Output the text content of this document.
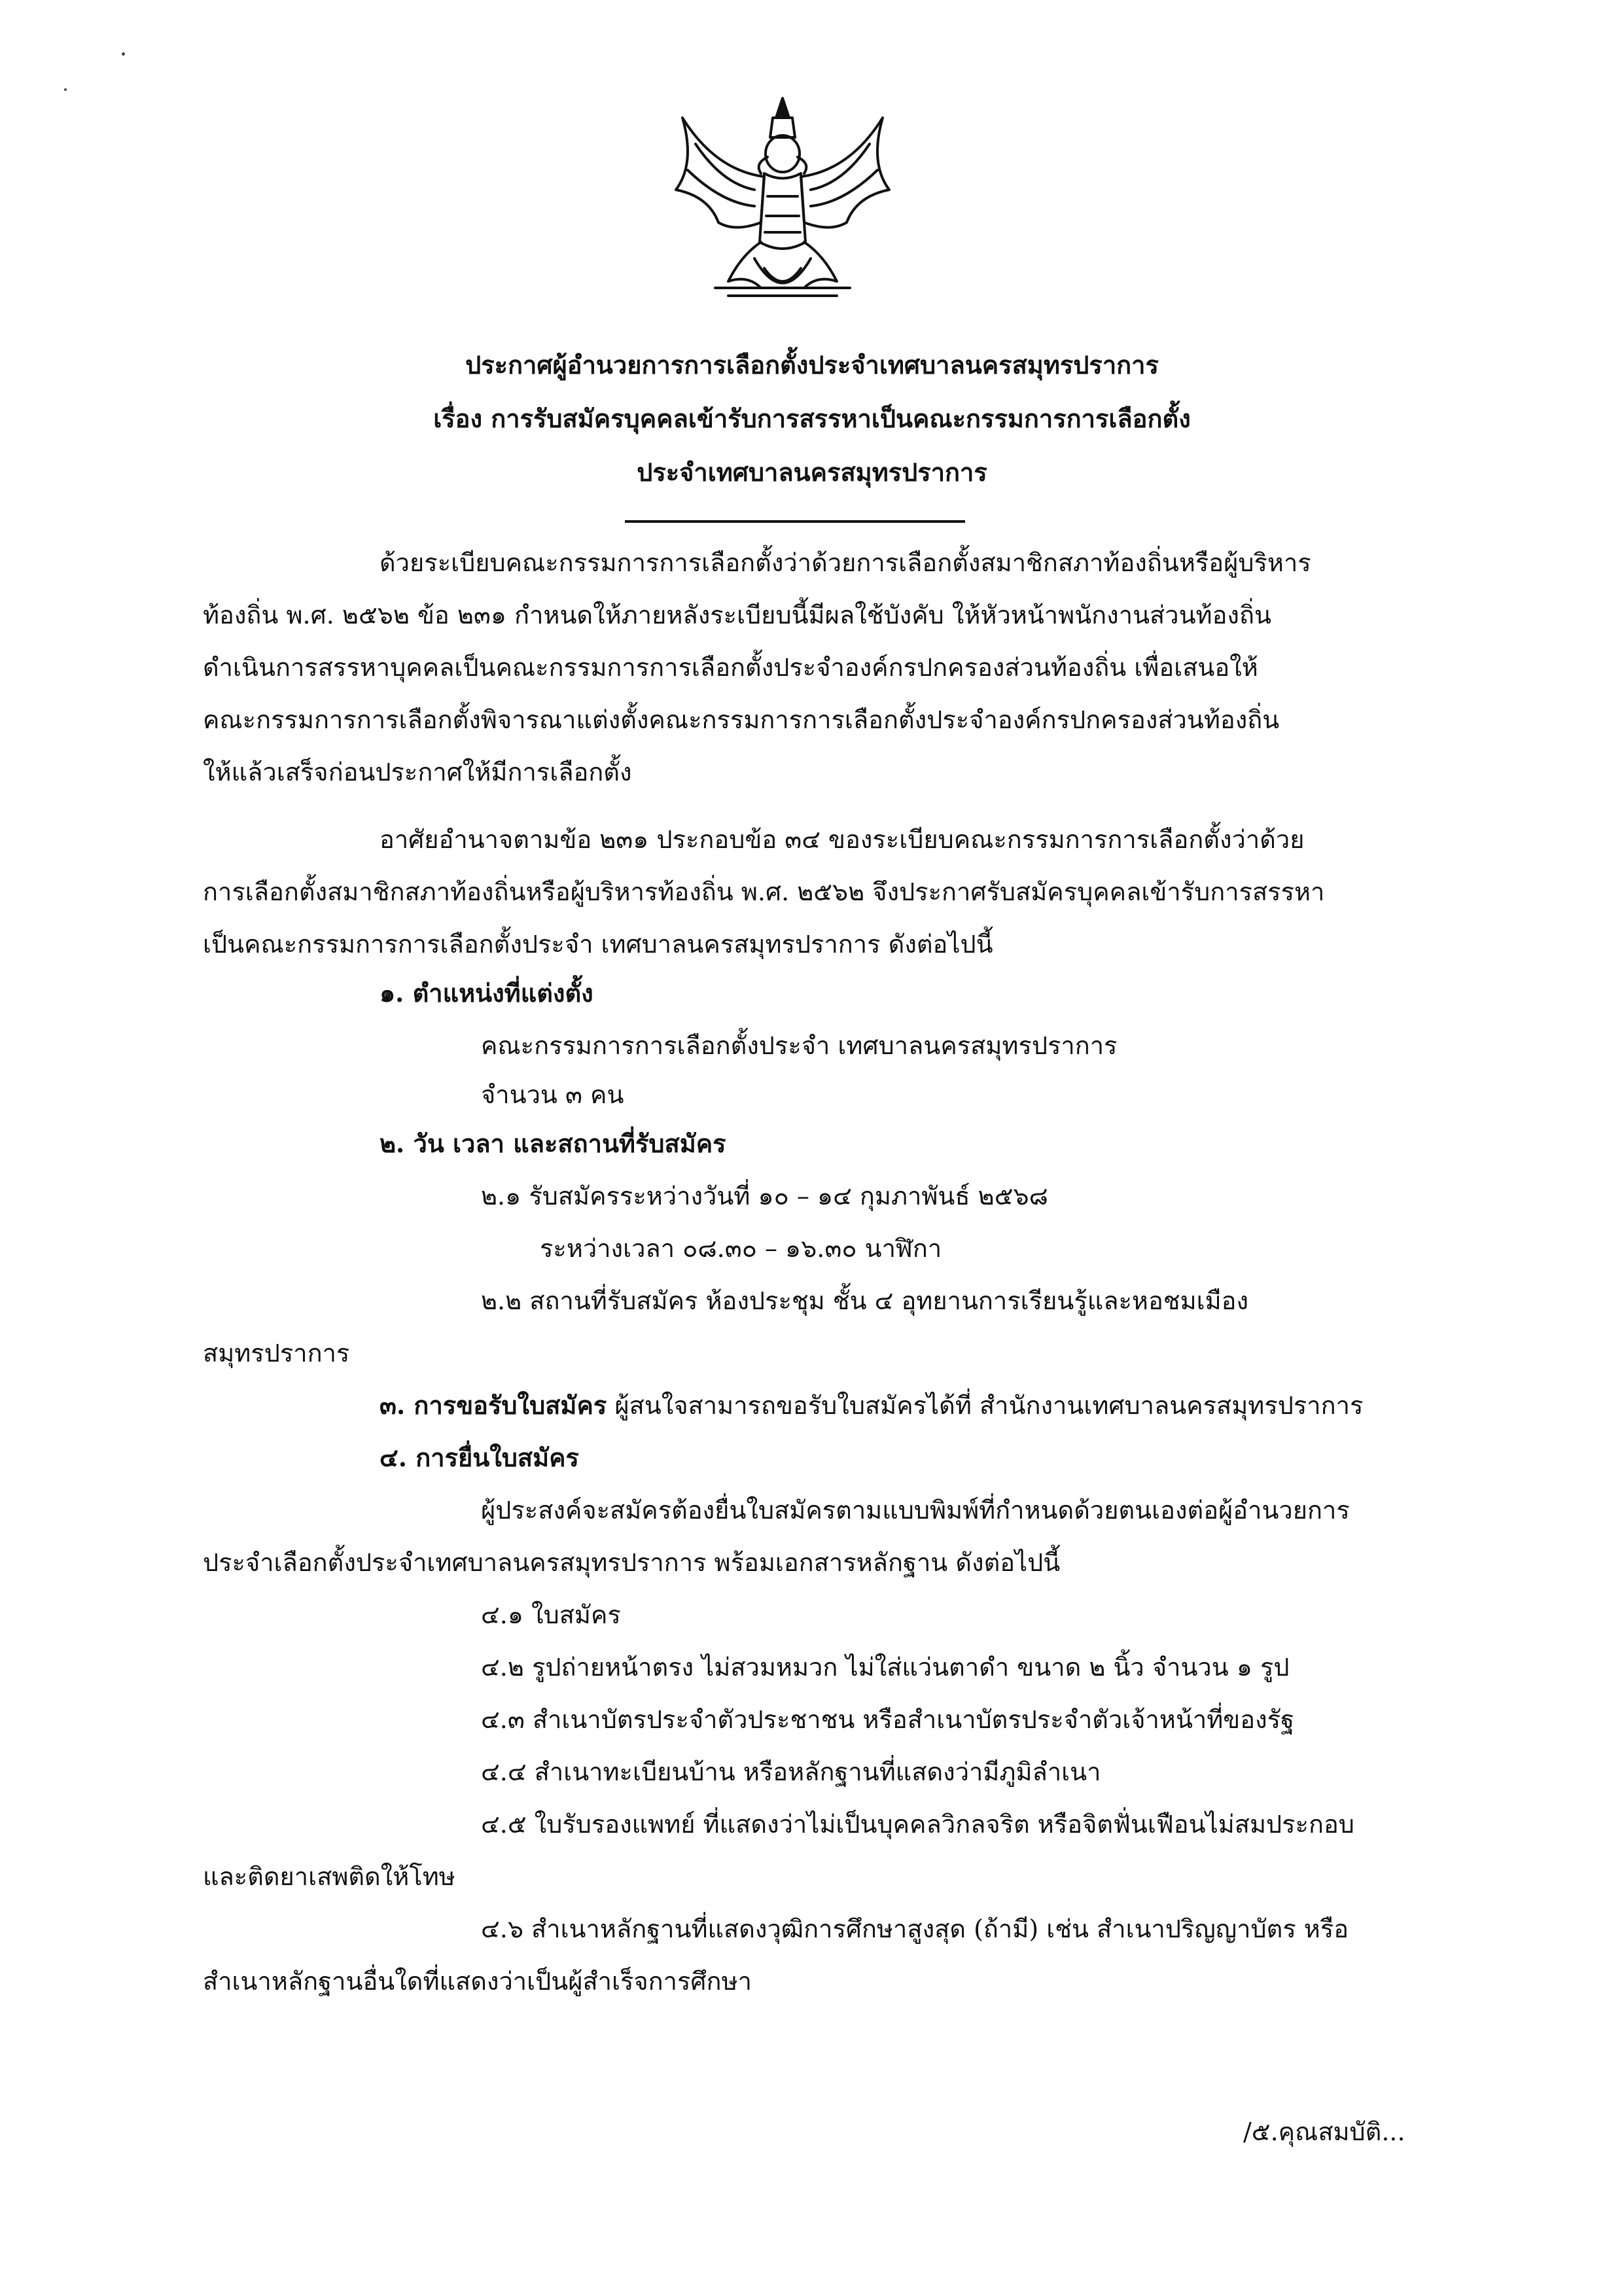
ประกาศผู้อำนวยการการเลือกตั้งประจำเทศบาลนครสมุทรปราการ
เรื่อง การรับสมัครบุคคลเข้ารับการสรรหาเป็นคณะกรรมการการเลือกตั้ง
ประจำเทศบาลนครสมุทรปราการ
ด้วยระเบียบคณะกรรมการการเลือกตั้งว่าด้วยการเลือกตั้งสมาชิกสภาท้องถิ่นหรือผู้บริหาร
ท้องถิ่น พ.ศ. ๒๕๖๒ ข้อ ๒๓๑ กำหนดให้ภายหลังระเบียบนี้มีผลใช้บังคับ ให้หัวหน้าพนักงานส่วนท้องถิ่น
ดำเนินการสรรหาบุคคลเป็นคณะกรรมการการเลือกตั้งประจำองค์กรปกครองส่วนท้องถิ่น เพื่อเสนอให้
คณะกรรมการการเลือกตั้งพิจารณาแต่งตั้งคณะกรรมการการเลือกตั้งประจำองค์กรปกครองส่วนท้องถิ่น
ให้แล้วเสร็จก่อนประกาศให้มีการเลือกตั้ง
อาศัยอำนาจตามข้อ ๒๓๑ ประกอบข้อ ๓๔ ของระเบียบคณะกรรมการการเลือกตั้งว่าด้วย
การเลือกตั้งสมาชิกสภาท้องถิ่นหรือผู้บริหารท้องถิ่น พ.ศ. ๒๕๖๒ จึงประกาศรับสมัครบุคคลเข้ารับการสรรหา
เป็นคณะกรรมการการเลือกตั้งประจำ เทศบาลนครสมุทรปราการ ดังต่อไปนี้
๑. ตำแหน่งที่แต่งตั้ง
คณะกรรมการการเลือกตั้งประจำ เทศบาลนครสมุทรปราการ
จำนวน ๓ คน
๒. วัน เวลา และสถานที่รับสมัคร
๒.๑ รับสมัครระหว่างวันที่ ๑๐ – ๑๔ กุมภาพันธ์ ๒๕๖๘
ระหว่างเวลา ๐๘.๓๐ – ๑๖.๓๐ นาฬิกา
๒.๒ สถานที่รับสมัคร ห้องประชุม ชั้น ๔ อุทยานการเรียนรู้และหอชมเมือง
สมุทรปราการ
๓. การขอรับใบสมัคร ผู้สนใจสามารถขอรับใบสมัครได้ที่ สำนักงานเทศบาลนครสมุทรปราการ
๔. การยื่นใบสมัคร
ผู้ประสงค์จะสมัครต้องยื่นใบสมัครตามแบบพิมพ์ที่กำหนดด้วยตนเองต่อผู้อำนวยการ
ประจำเลือกตั้งประจำเทศบาลนครสมุทรปราการ พร้อมเอกสารหลักฐาน ดังต่อไปนี้
๔.๑ ใบสมัคร
๔.๒ รูปถ่ายหน้าตรง ไม่สวมหมวก ไม่ใส่แว่นตาดำ ขนาด ๒ นิ้ว จำนวน ๑ รูป
๔.๓ สำเนาบัตรประจำตัวประชาชน หรือสำเนาบัตรประจำตัวเจ้าหน้าที่ของรัฐ
๔.๔ สำเนาทะเบียนบ้าน หรือหลักฐานที่แสดงว่ามีภูมิลำเนา
๔.๕ ใบรับรองแพทย์ ที่แสดงว่าไม่เป็นบุคคลวิกลจริต หรือจิตฟั่นเฟือนไม่สมประกอบ
และติดยาเสพติดให้โทษ
๔.๖ สำเนาหลักฐานที่แสดงวุฒิการศึกษาสูงสุด (ถ้ามี) เช่น สำเนาปริญญาบัตร หรือ
สำเนาหลักฐานอื่นใดที่แสดงว่าเป็นผู้สำเร็จการศึกษา
/๕.คุณสมบัติ...
